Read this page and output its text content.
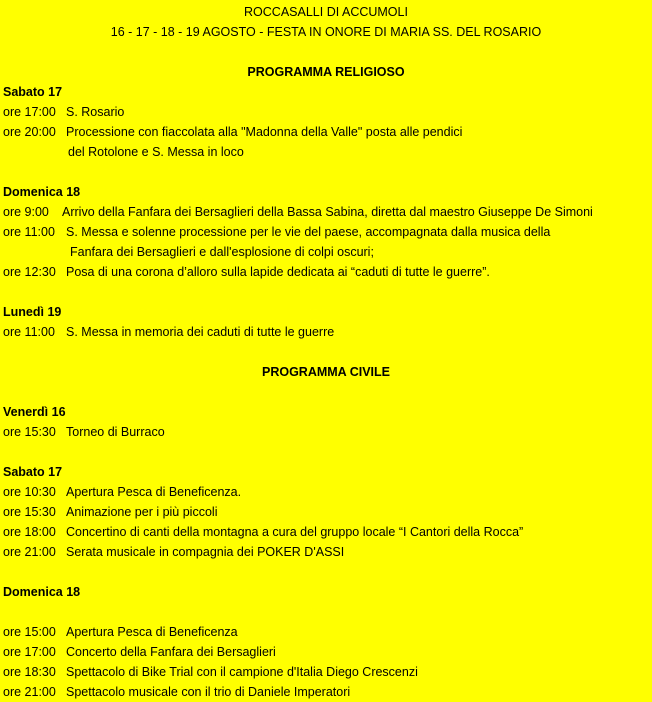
ROCCASALLI DI ACCUMOLI
16 - 17 - 18 - 19 AGOSTO - FESTA IN ONORE DI MARIA SS. DEL ROSARIO
PROGRAMMA RELIGIOSO
Sabato 17
ore 17:00 S. Rosario
ore 20:00 Processione con fiaccolata alla "Madonna della Valle" posta alle pendici
del Rotolone e S. Messa in loco
Domenica 18
ore 9:00 Arrivo della Fanfara dei Bersaglieri della Bassa Sabina, diretta dal maestro Giuseppe De Simoni
ore 11:00 S. Messa e solenne processione per le vie del paese, accompagnata dalla musica della
Fanfara dei Bersaglieri e dall'esplosione di colpi oscuri;
ore 12:30 Posa di una corona d’alloro sulla lapide dedicata ai “caduti di tutte le guerre”.
Lunedì 19
ore 11:00 S. Messa in memoria dei caduti di tutte le guerre
PROGRAMMA CIVILE
Venerdì 16
ore 15:30 Torneo di Burraco
Sabato 17
ore 10:30 Apertura Pesca di Beneficenza.
ore 15:30 Animazione per i più piccoli
ore 18:00 Concertino di canti della montagna a cura del gruppo locale “I Cantori della Rocca”
ore 21:00 Serata musicale in compagnia dei POKER D'ASSI
Domenica 18
ore 15:00 Apertura Pesca di Beneficenza
ore 17:00 Concerto della Fanfara dei Bersaglieri
ore 18:30 Spettacolo di Bike Trial con il campione d'Italia Diego Crescenzi
ore 21:00 Spettacolo musicale con il trio di Daniele Imperatori
